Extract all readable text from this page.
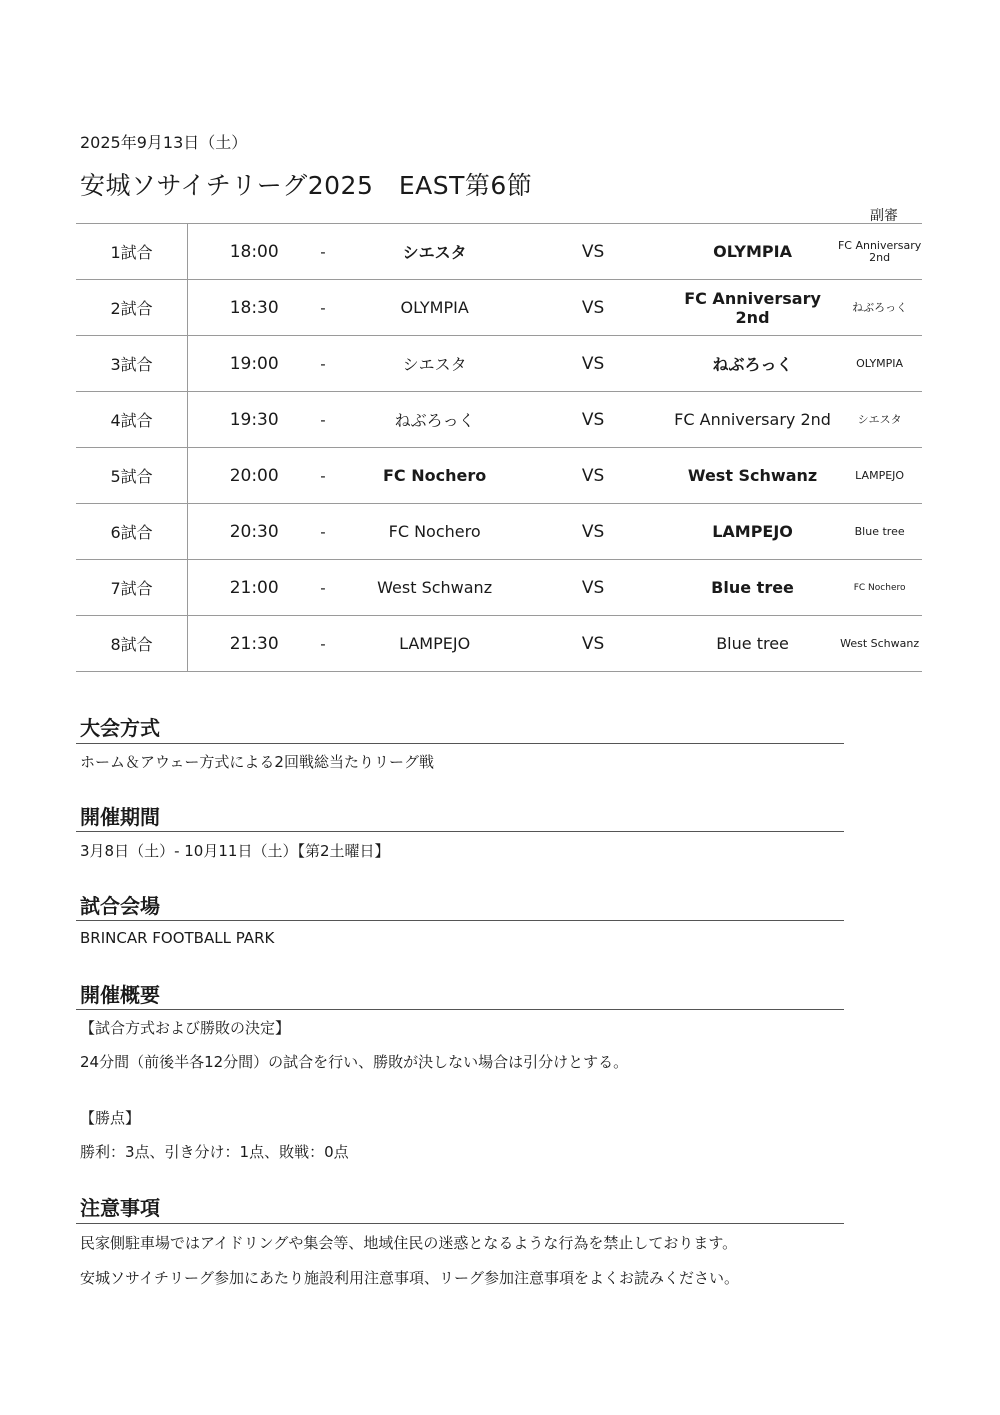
2025年9月13日（土）
安城ソサイチリーグ2025　EAST第6節
副審
1試合	18:00	-	シエスタ	VS	OLYMPIA	FC Anniversary 2nd
2試合	18:30	-	OLYMPIA	VS	FC Anniversary 2nd	ねぶろっく
3試合	19:00	-	シエスタ	VS	ねぶろっく	OLYMPIA
4試合	19:30	-	ねぶろっく	VS	FC Anniversary 2nd	シエスタ
5試合	20:00	-	FC Nochero	VS	West Schwanz	LAMPEJO
6試合	20:30	-	FC Nochero	VS	LAMPEJO	Blue tree
7試合	21:00	-	West Schwanz	VS	Blue tree	FC Nochero
8試合	21:30	-	LAMPEJO	VS	Blue tree	West Schwanz
大会方式
ホーム＆アウェー方式による2回戦総当たりリーグ戦
開催期間
3月8日（土）- 10月11日（土）【第2土曜日】
試合会場
BRINCAR FOOTBALL PARK
開催概要
【試合方式および勝敗の決定】
24分間（前後半各12分間）の試合を行い、勝敗が決しない場合は引分けとする。
【勝点】
勝利：3点、引き分け：1点、敗戦：0点
注意事項
民家側駐車場ではアイドリングや集会等、地域住民の迷惑となるような行為を禁止しております。
安城ソサイチリーグ参加にあたり施設利用注意事項、リーグ参加注意事項をよくお読みください。
